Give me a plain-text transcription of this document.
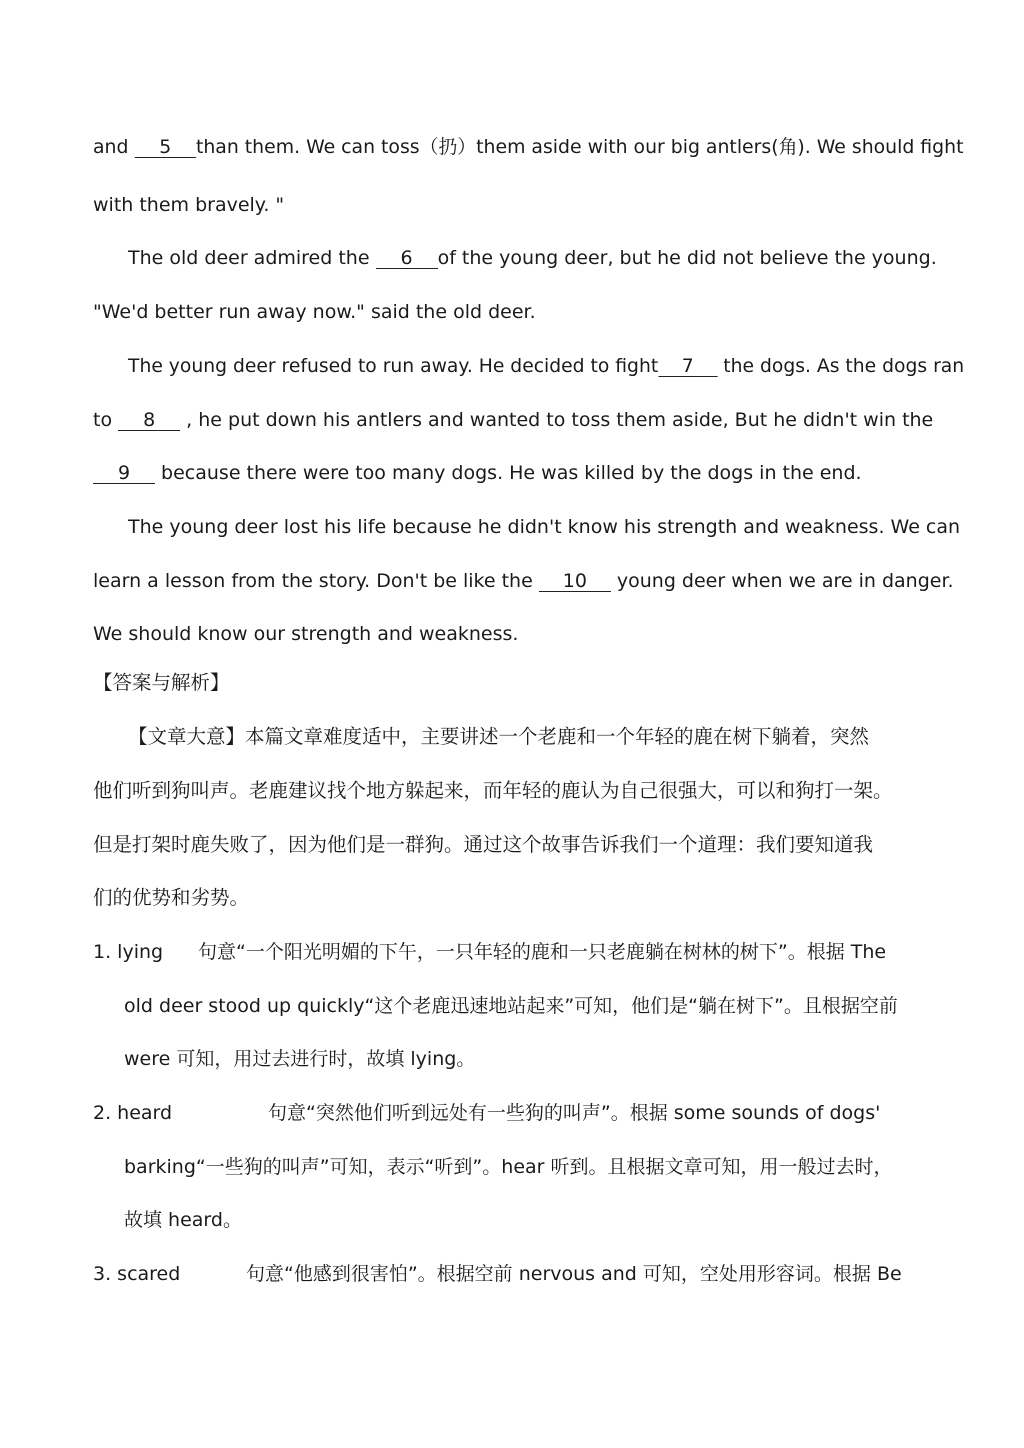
and 5 than them. We can toss（扔）them aside with our big antlers(角). We should fight
with them bravely. "
The old deer admired the 6 of the young deer, but he did not believe the young.
"We'd better run away now." said the old deer.
The young deer refused to run away. He decided to fight 7 the dogs. As the dogs ran
to 8 , he put down his antlers and wanted to toss them aside, But he didn't win the
9 because there were too many dogs. He was killed by the dogs in the end.
The young deer lost his life because he didn't know his strength and weakness. We can
learn a lesson from the story. Don't be like the 10 young deer when we are in danger.
We should know our strength and weakness.
【答案与解析】
【文章大意】本篇文章难度适中，主要讲述一个老鹿和一个年轻的鹿在树下躺着，突然
他们听到狗叫声。老鹿建议找个地方躲起来，而年轻的鹿认为自己很强大，可以和狗打一架。
但是打架时鹿失败了，因为他们是一群狗。通过这个故事告诉我们一个道理：我们要知道我
们的优势和劣势。
1. lying 句意“一个阳光明媚的下午，一只年轻的鹿和一只老鹿躺在树林的树下”。根据 The
old deer stood up quickly“这个老鹿迅速地站起来”可知，他们是“躺在树下”。且根据空前
were 可知，用过去进行时，故填 lying。
2. heard	句意“突然他们听到远处有一些狗的叫声”。根据 some sounds of dogs'
barking“一些狗的叫声”可知，表示“听到”。hear 听到。且根据文章可知，用一般过去时，
故填 heard。
3. scared	句意“他感到很害怕”。根据空前 nervous and 可知，空处用形容词。根据 Be
